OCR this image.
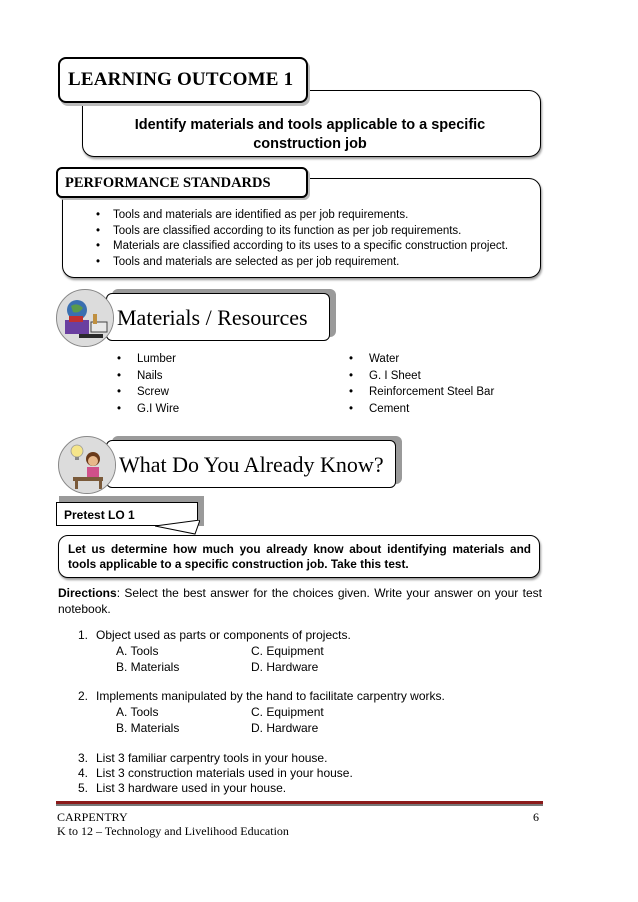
LEARNING OUTCOME 1
Identify materials and tools applicable to a specific construction job
PERFORMANCE STANDARDS
• Tools and materials are identified as per job requirements.
• Tools are classified according to its function as per job requirements.
• Materials are classified according to its uses to a specific construction project.
• Tools and materials are selected as per job requirement.
Materials / Resources
• Lumber
• Nails
• Screw
• G.I Wire
• Water
• G. I Sheet
• Reinforcement Steel Bar
• Cement
What Do You Already Know?
Pretest LO 1
Let us determine how much you already know about identifying materials and tools applicable to a specific construction job. Take this test.
Directions: Select the best answer for the choices given. Write your answer on your test notebook.
1. Object used as parts or components of projects.
A. Tools	C. Equipment
B. Materials	D. Hardware
2. Implements manipulated by the hand to facilitate carpentry works.
A. Tools	C. Equipment
B. Materials	D. Hardware
3. List 3 familiar carpentry tools in your house.
4. List 3 construction materials used in your house.
5. List 3 hardware used in your house.
CARPENTRY	6
K to 12 – Technology and Livelihood Education
